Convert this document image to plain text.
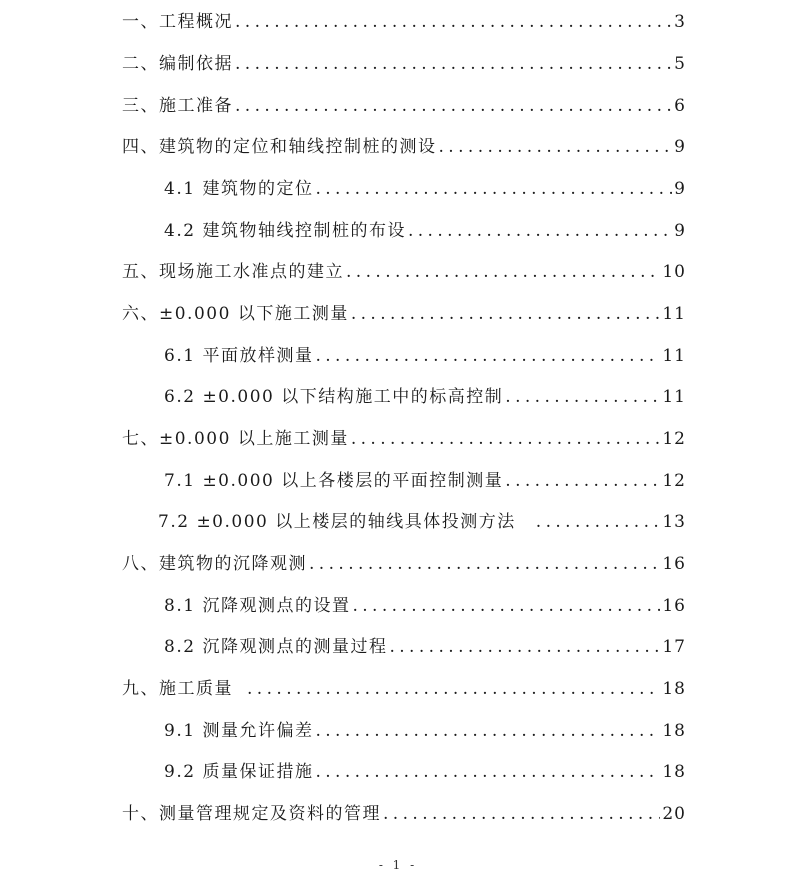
一、工程概况 .....	3
二、编制依据 .....	5
三、施工准备 .....	6
四、建筑物的定位和轴线控制桩的测设 .....	9
4.1 建筑物的定位 .....	9
4.2 建筑物轴线控制桩的布设 .....	9
五、现场施工水准点的建立 .....	10
六、±0.000 以下施工测量 .....	11
6.1 平面放样测量 .....	11
6.2 ±0.000 以下结构施工中的标高控制 .....	11
七、±0.000 以上施工测量 .....	12
7.1 ±0.000 以上各楼层的平面控制测量 .....	12
7.2 ±0.000 以上楼层的轴线具体投测方法 .....	13
八、建筑物的沉降观测 .....	16
8.1 沉降观测点的设置 .....	16
8.2 沉降观测点的测量过程 .....	17
九、施工质量 .....	18
9.1 测量允许偏差 .....	18
9.2 质量保证措施 .....	18
十、测量管理规定及资料的管理 .....	20
- 1 -
